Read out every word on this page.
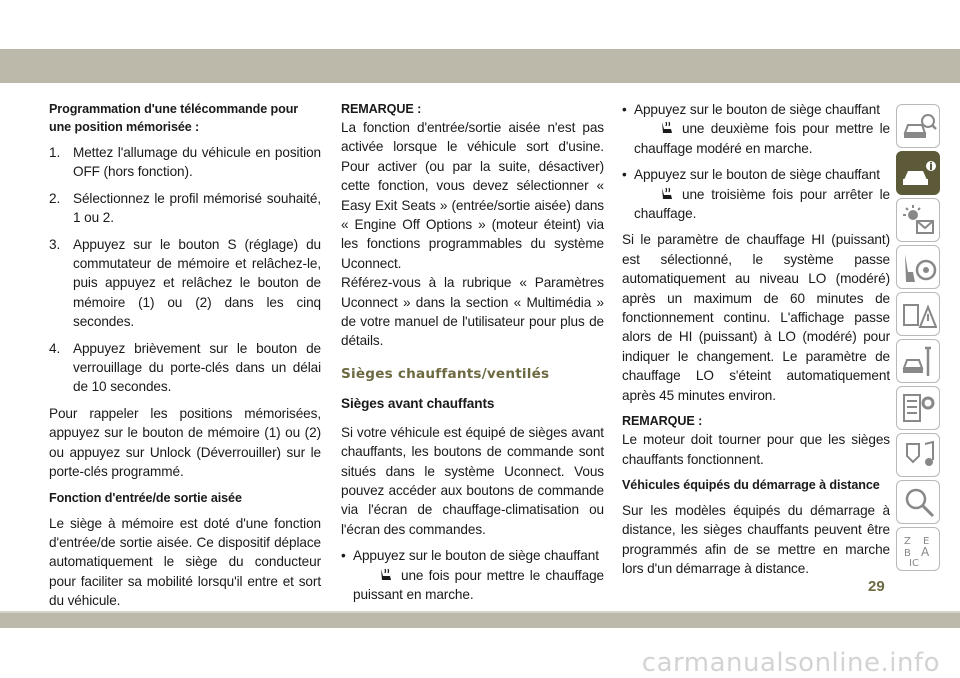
Programmation d'une télécommande pour une position mémorisée :
1. Mettez l'allumage du véhicule en position OFF (hors fonction).
2. Sélectionnez le profil mémorisé souhaité, 1 ou 2.
3. Appuyez sur le bouton S (réglage) du commutateur de mémoire et relâchez-le, puis appuyez et relâchez le bouton de mémoire (1) ou (2) dans les cinq secondes.
4. Appuyez brièvement sur le bouton de verrouillage du porte-clés dans un délai de 10 secondes.

Pour rappeler les positions mémorisées, appuyez sur le bouton de mémoire (1) ou (2) ou appuyez sur Unlock (Déverrouiller) sur le porte-clés programmé.

Fonction d'entrée/de sortie aisée

Le siège à mémoire est doté d'une fonction d'entrée/de sortie aisée. Ce dispositif déplace automatiquement le siège du conducteur pour faciliter sa mobilité lorsqu'il entre et sort du véhicule.

REMARQUE :

La fonction d'entrée/sortie aisée n'est pas activée lorsque le véhicule sort d'usine. Pour activer (ou par la suite, désactiver) cette fonction, vous devez sélectionner « Easy Exit Seats » (entrée/sortie aisée) dans « Engine Off Options » (moteur éteint) via les fonctions programmables du système Uconnect.

Référez-vous à la rubrique « Paramètres Uconnect » dans la section « Multimédia » de votre manuel de l'utilisateur pour plus de détails.

Sièges chauffants/ventilés
Sièges avant chauffants

Si votre véhicule est équipé de sièges avant chauffants, les boutons de commande sont situés dans le système Uconnect. Vous pouvez accéder aux boutons de commande via l'écran de chauffage-climatisation ou l'écran des commandes.

• Appuyez sur le bouton de siège chauffant
une fois pour mettre le chauffage puissant en marche.
• Appuyez sur le bouton de siège chauffant
une deuxième fois pour mettre le chauffage modéré en marche.
• Appuyez sur le bouton de siège chauffant
une troisième fois pour arrêter le chauffage.

Si le paramètre de chauffage HI (puissant) est sélectionné, le système passe automatiquement au niveau LO (modéré) après un maximum de 60 minutes de fonctionnement continu. L'affichage passe alors de HI (puissant) à LO (modéré) pour indiquer le changement. Le paramètre de chauffage LO s'éteint automatiquement après 45 minutes environ.

REMARQUE :

Le moteur doit tourner pour que les sièges chauffants fonctionnent.

Véhicules équipés du démarrage à distance

Sur les modèles équipés du démarrage à distance, les sièges chauffants peuvent être programmés afin de se mettre en marche lors d'un démarrage à distance.

Z E
B A
IC
29
carmanualsonline.info
